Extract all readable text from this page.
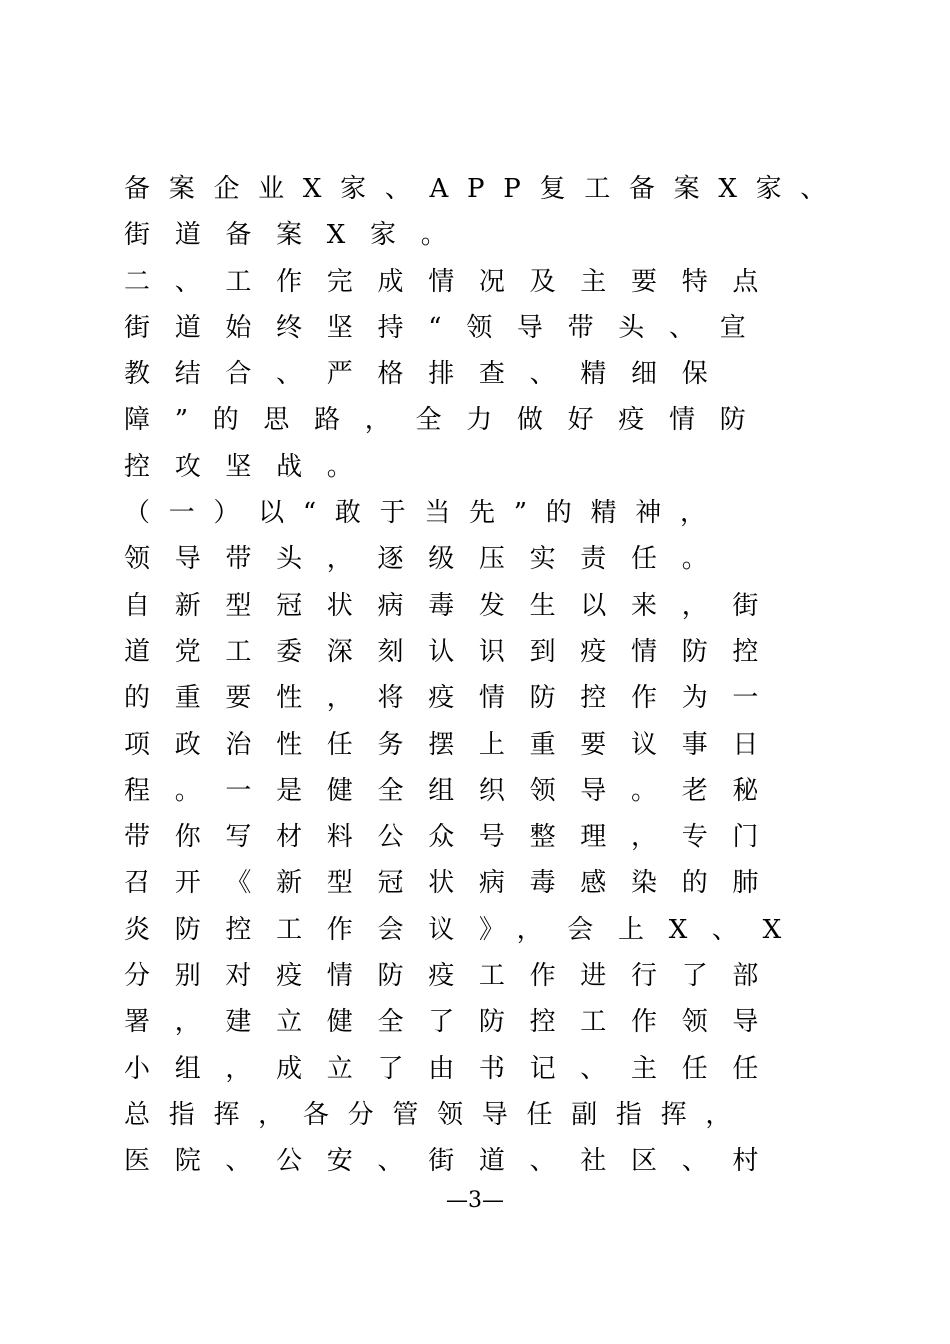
备案企业X家、APP复工备案X家、
街道备案X家。
二、工作完成情况及主要特点
街道始终坚持“领导带头、宣
教结合、严格排查、精细保
障”的思路，全力做好疫情防
控攻坚战。
（一）以“敢于当先”的精神，
领导带头，逐级压实责任。
自新型冠状病毒发生以来，街
道党工委深刻认识到疫情防控
的重要性，将疫情防控作为一
项政治性任务摆上重要议事日
程。一是健全组织领导。老秘
带你写材料公众号整理，专门
召开《新型冠状病毒感染的肺
炎防控工作会议》，会上X、X
分别对疫情防疫工作进行了部
署，建立健全了防控工作领导
小组，成立了由书记、主任任
总指挥，各分管领导任副指挥，
医院、公安、街道、社区、村
—3—
